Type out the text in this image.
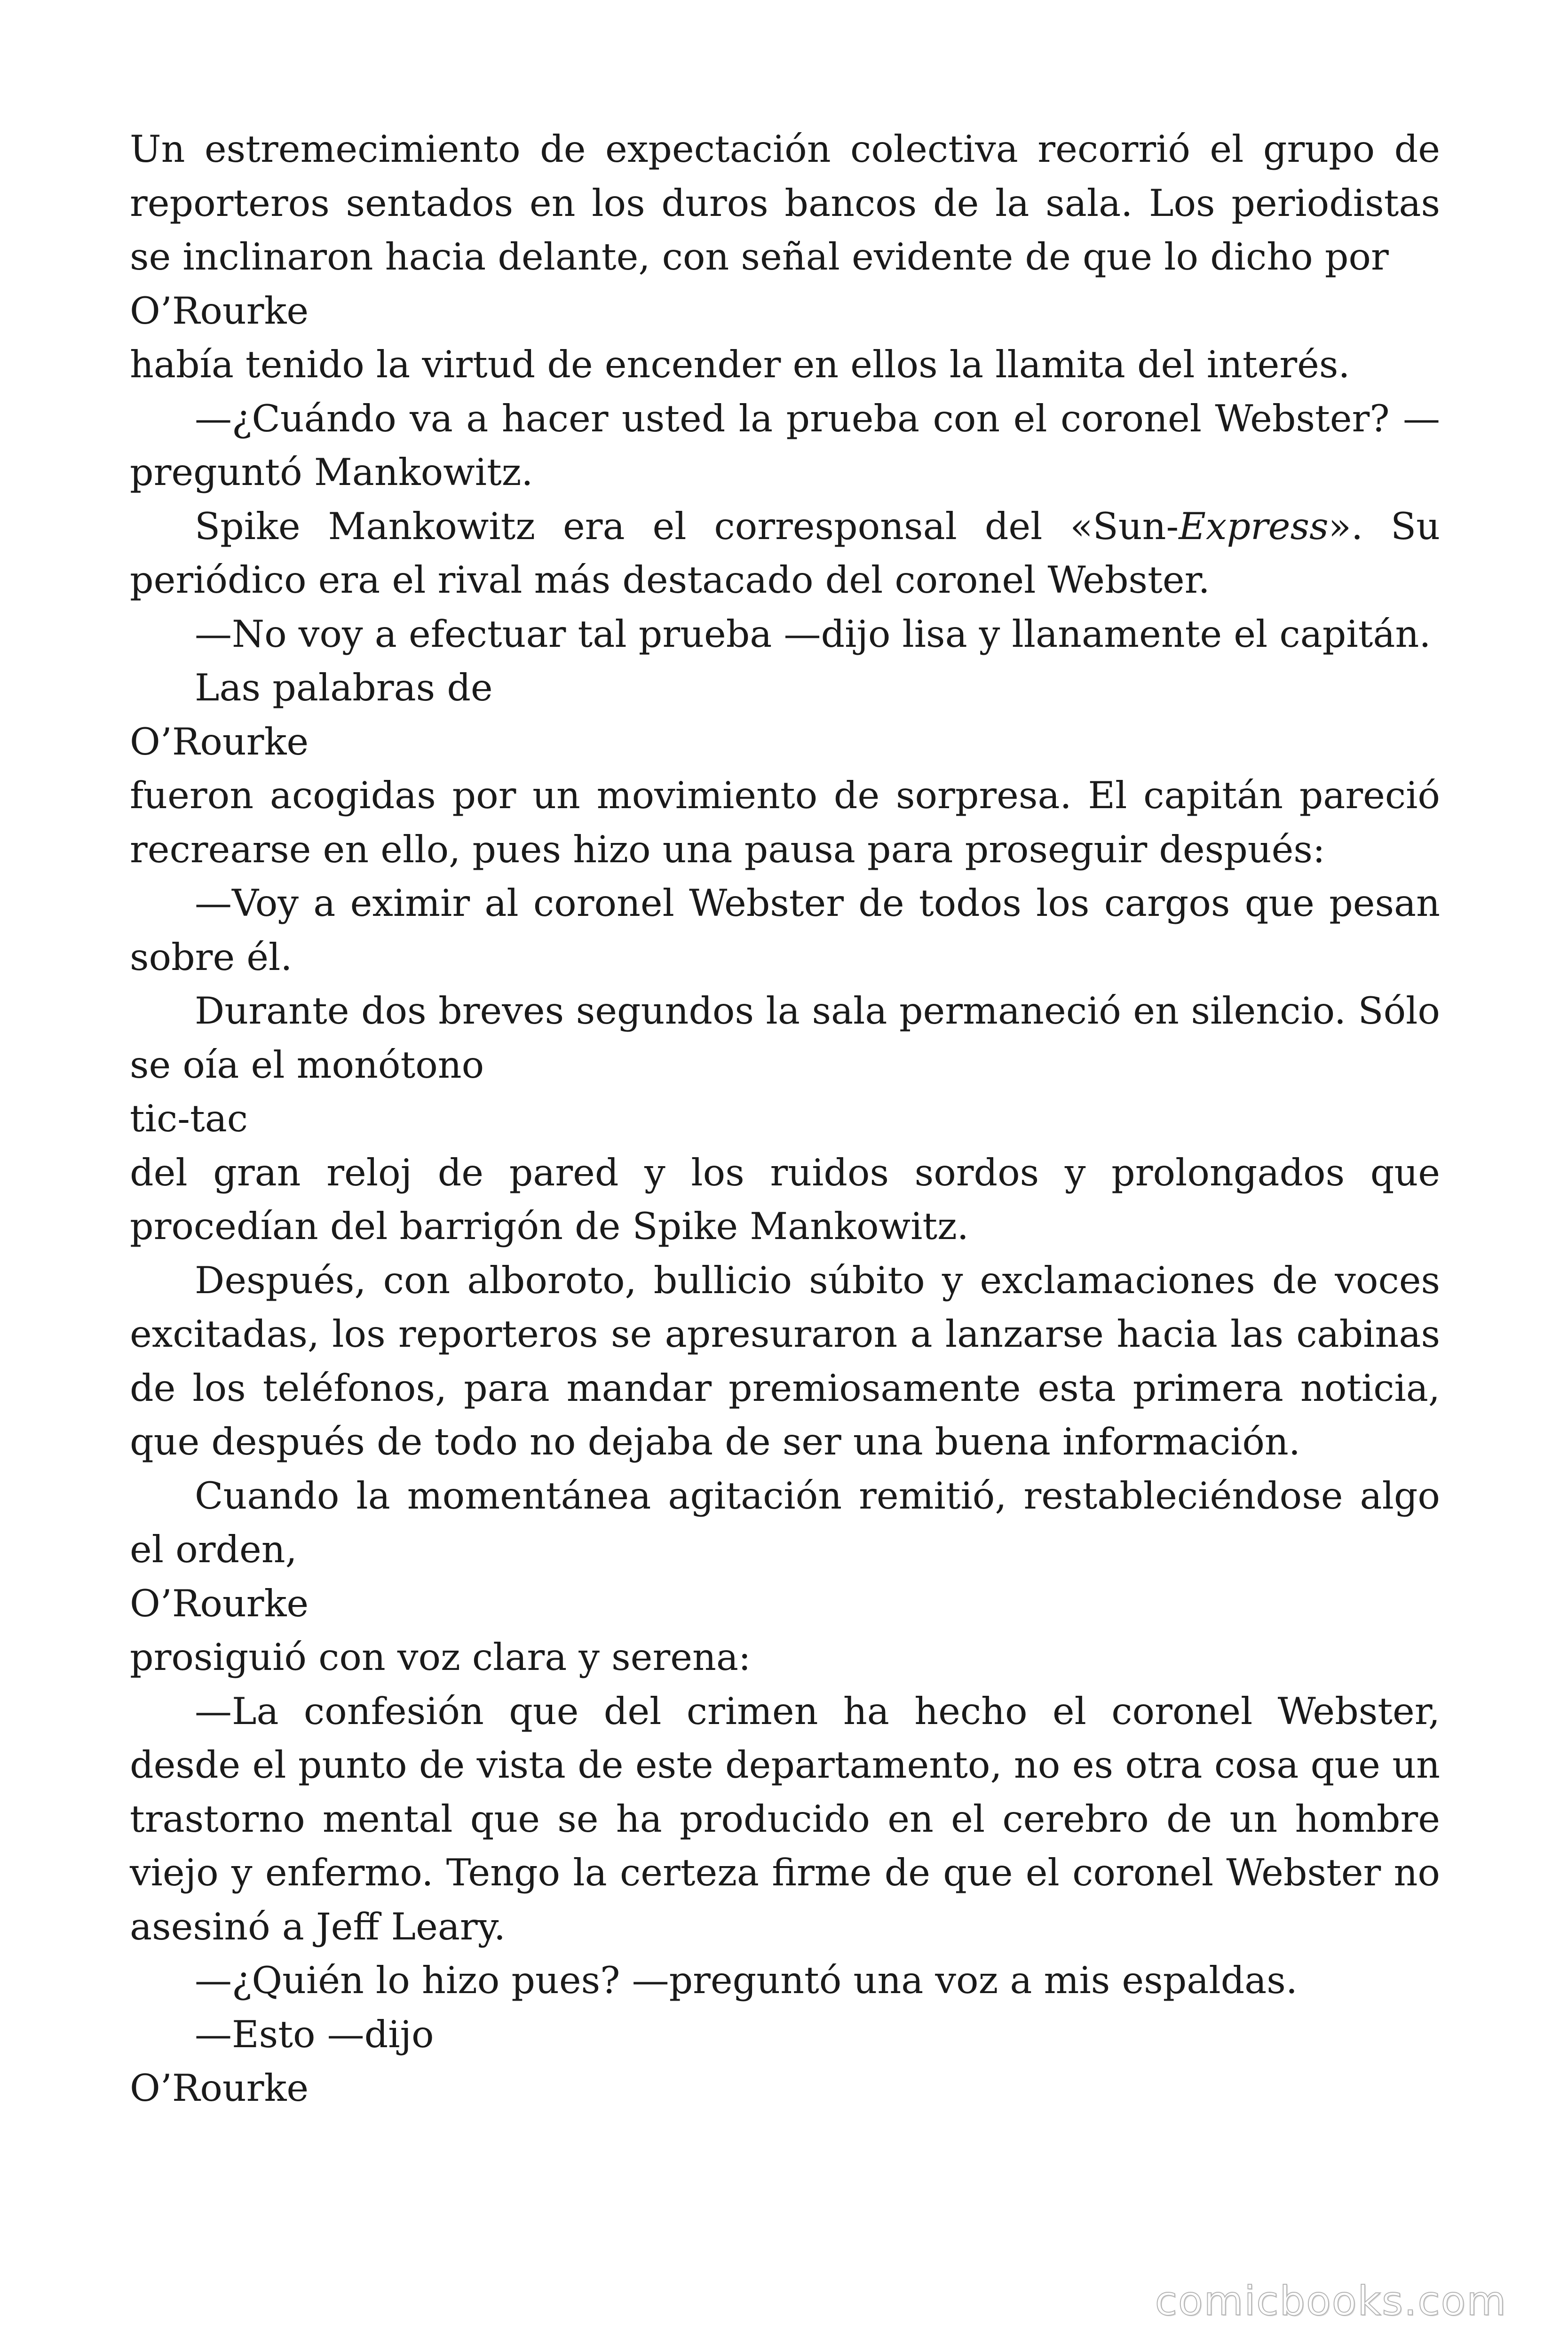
Un estremecimiento de expectación colectiva recorrió el grupo de reporteros sentados en los duros bancos de la sala. Los periodistas se inclinaron hacia delante, con señal evidente de que lo dicho por

O’Rourke

había tenido la virtud de encender en ellos la llamita del interés.

—¿Cuándo va a hacer usted la prueba con el coronel Webster? —preguntó Mankowitz.

Spike Mankowitz era el corresponsal del «Sun-Express». Su periódico era el rival más destacado del coronel Webster.

—No voy a efectuar tal prueba —dijo lisa y llanamente el capitán.

Las palabras de

O’Rourke

fueron acogidas por un movimiento de sorpresa. El capitán pareció recrearse en ello, pues hizo una pausa para proseguir después:

—Voy a eximir al coronel Webster de todos los cargos que pesan sobre él.

Durante dos breves segundos la sala permaneció en silencio. Sólo se oía el monótono

tic-tac

del gran reloj de pared y los ruidos sordos y prolongados que procedían del barrigón de Spike Mankowitz.

Después, con alboroto, bullicio súbito y exclamaciones de voces excitadas, los reporteros se apresuraron a lanzarse hacia las cabinas de los teléfonos, para mandar premiosamente esta primera noticia, que después de todo no dejaba de ser una buena información.

Cuando la momentánea agitación remitió, restableciéndose algo el orden,

O’Rourke

prosiguió con voz clara y serena:

—La confesión que del crimen ha hecho el coronel Webster, desde el punto de vista de este departamento, no es otra cosa que un trastorno mental que se ha producido en el cerebro de un hombre viejo y enfermo. Tengo la certeza firme de que el coronel Webster no asesinó a Jeff Leary.

—¿Quién lo hizo pues? —preguntó una voz a mis espaldas.

—Esto —dijo

O’Rourke

comicbooks.com
